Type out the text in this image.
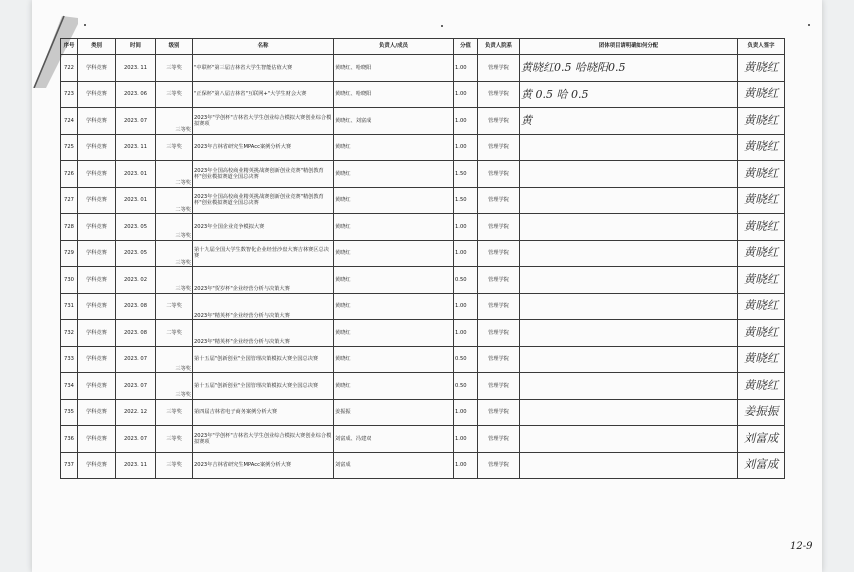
序号	类别	时间	级别	名称	负责人/成员	分值	负责人院系	团体项目请明确如何分配	负责人签字
722	学科竞赛	2023. 11	三等奖	"中联杯"第三届吉林省大学生智能估值大赛	黄晓红、哈晓阳	1.00	管理学院	黄晓红0.5 哈晓阳0.5	黄晓红
723	学科竞赛	2023. 06	三等奖	"正保杯"第八届吉林省"互联网+"大学生财会大赛	黄晓红、哈晓阳	1.00	管理学院	黄 0.5 哈 0.5	黄晓红
724	学科竞赛	2023. 07	三等奖	2023年"学创杯"吉林省大学生创业综合模拟大赛创业综合模拟赛项	黄晓红、刘富成	1.00	管理学院	黄	黄晓红
725	学科竞赛	2023. 11	三等奖	2023年吉林省研究生MPAcc案例分析大赛	黄晓红	1.00	管理学院		黄晓红
726	学科竞赛	2023. 01	二等奖	2023年全国高校商业精英挑战赛创新创业竞赛"精创教育杯"创业模拟赛道全国总决赛	黄晓红	1.50	管理学院		黄晓红
727	学科竞赛	2023. 01	二等奖	2023年全国高校商业精英挑战赛创新创业竞赛"精创教育杯"创业模拟赛道全国总决赛	黄晓红	1.50	管理学院		黄晓红
728	学科竞赛	2023. 05	三等奖	2023年全国企业竞争模拟大赛	黄晓红	1.00	管理学院		黄晓红
729	学科竞赛	2023. 05	三等奖	第十九届全国大学生数智化企业经营沙盘大赛吉林赛区总决赛	黄晓红	1.00	管理学院		黄晓红
730	学科竞赛	2023. 02	三等奖	2023年"贺岁杯"企业经营分析与决策大赛	黄晓红	0.50	管理学院		黄晓红
731	学科竞赛	2023. 08	二等奖	2023年"精英杯"企业经营分析与决策大赛	黄晓红	1.00	管理学院		黄晓红
732	学科竞赛	2023. 08	二等奖	2023年"精英杯"企业经营分析与决策大赛	黄晓红	1.00	管理学院		黄晓红
733	学科竞赛	2023. 07	三等奖	第十五届"创新创业"全国管理决策模拟大赛全国总决赛	黄晓红	0.50	管理学院		黄晓红
734	学科竞赛	2023. 07	三等奖	第十五届"创新创业"全国管理决策模拟大赛全国总决赛	黄晓红	0.50	管理学院		黄晓红
735	学科竞赛	2022. 12	三等奖	第四届吉林省电子商务案例分析大赛	姜振振	1.00	管理学院		姜振振
736	学科竞赛	2023. 07	三等奖	2023年"学创杯"吉林省大学生创业综合模拟大赛创业综合模拟赛项	刘富成、冯建双	1.00	管理学院		刘富成
737	学科竞赛	2023. 11	三等奖	2023年吉林省研究生MPAcc案例分析大赛	刘富成	1.00	管理学院		刘富成
12-9
